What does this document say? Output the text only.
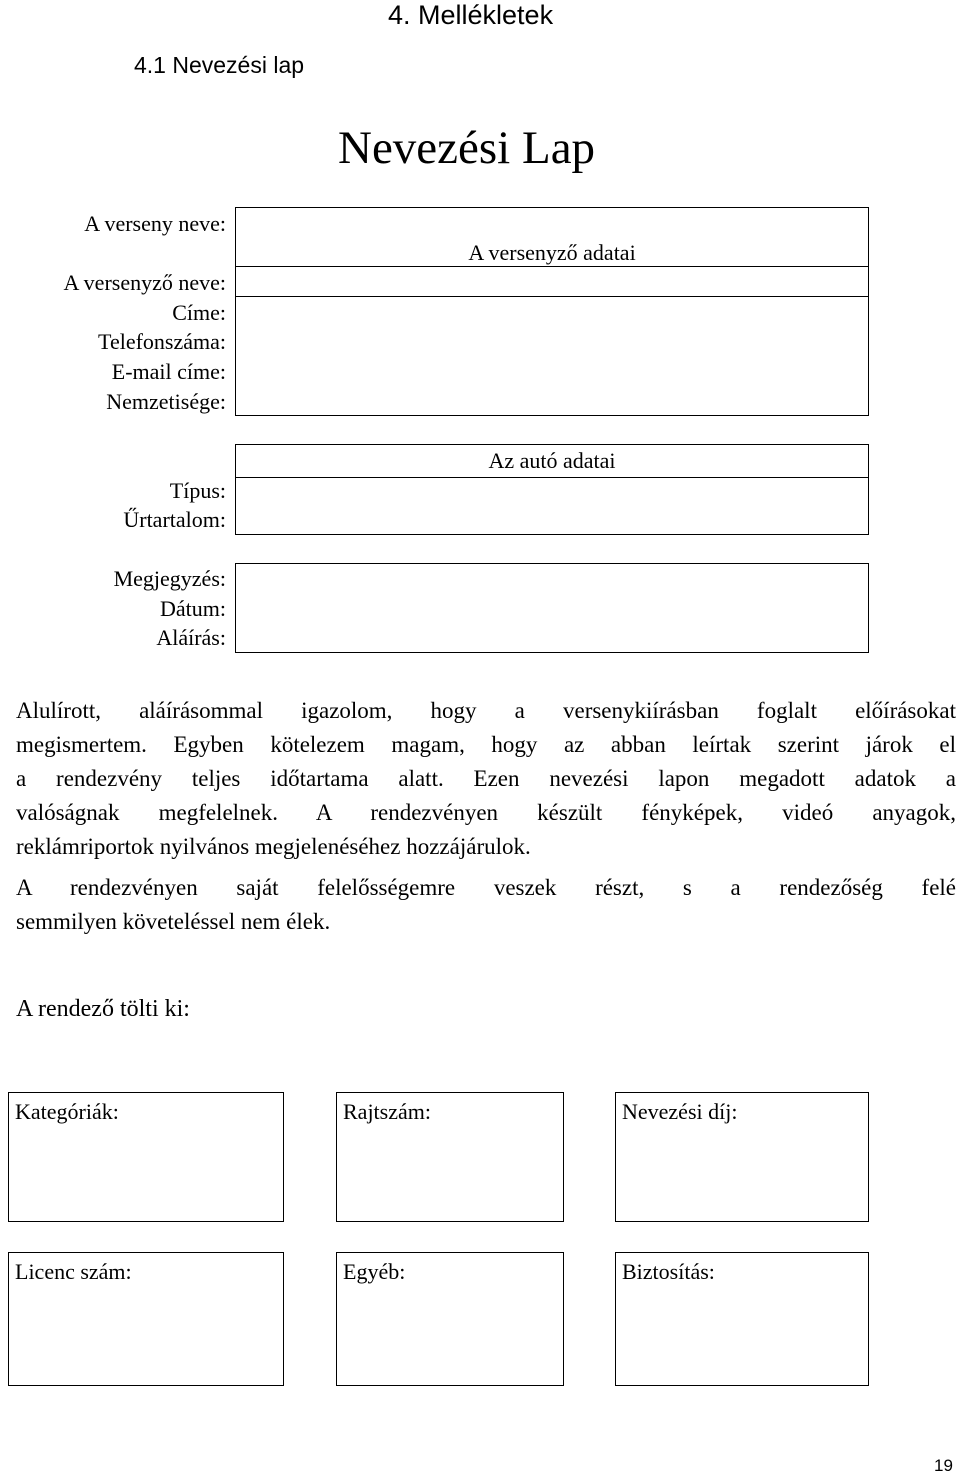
4. Mellékletek
4.1 Nevezési lap
Nevezési Lap
A verseny neve:
A versenyző neve:
Címe:
Telefonszáma:
E-mail címe:
Nemzetisége:
A versenyző adatai
Típus:
Űrtartalom:
Az autó adatai
Megjegyzés:
Dátum:
Aláírás:
Alulírott, aláírásommal igazolom, hogy a versenykiírásban foglalt előírásokat
megismertem. Egyben kötelezem magam, hogy az abban leírtak szerint járok el
a rendezvény teljes időtartama alatt. Ezen nevezési lapon megadott adatok a
valóságnak megfelelnek. A rendezvényen készült fényképek, videó anyagok,
reklámriportok nyilvános megjelenéséhez hozzájárulok.
A rendezvényen saját felelősségemre veszek részt, s a rendezőség felé
semmilyen követeléssel nem élek.
A rendező tölti ki:
Kategóriák:	Rajtszám:	Nevezési díj:
Licenc szám:	Egyéb:	Biztosítás:
19
